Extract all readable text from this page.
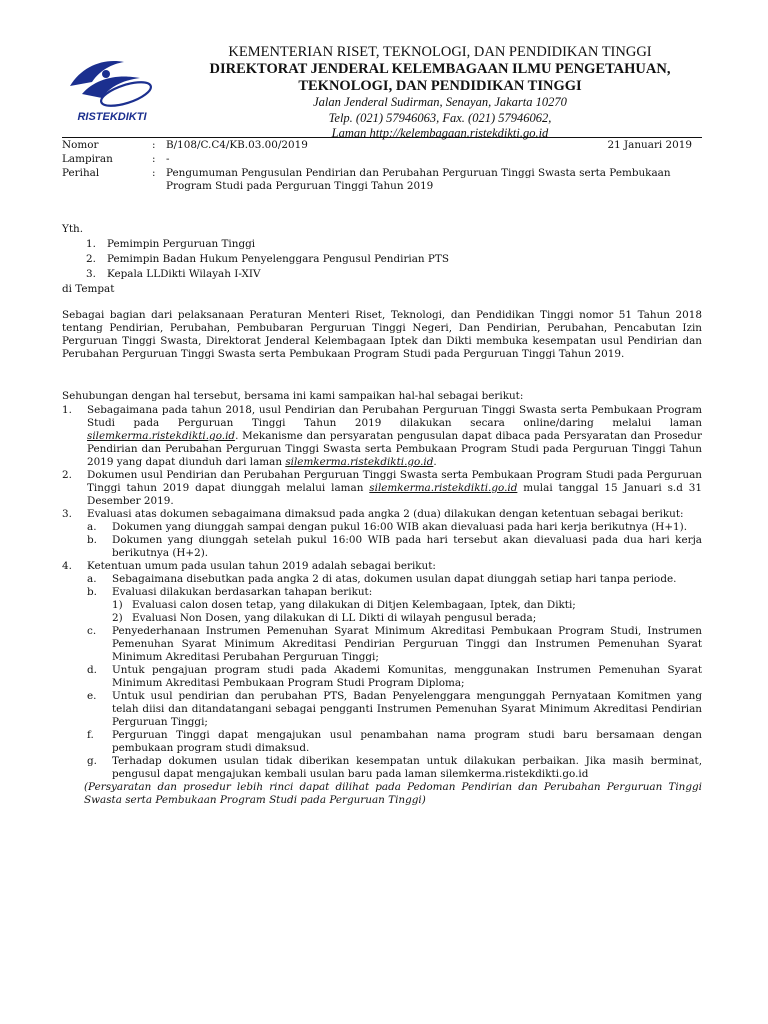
RISTEKDIKTI
KEMENTERIAN RISET, TEKNOLOGI, DAN PENDIDIKAN TINGGI
DIREKTORAT JENDERAL KELEMBAGAAN ILMU PENGETAHUAN,
TEKNOLOGI, DAN PENDIDIKAN TINGGI
Jalan Jenderal Sudirman, Senayan, Jakarta 10270
Telp. (021) 57946063, Fax. (021) 57946062,
Laman http://kelembagaan.ristekdikti.go.id
Nomor	: B/108/C.C4/KB.03.00/2019	21 Januari 2019
Lampiran	: -
Perihal	: Pengumuman Pengusulan Pendirian dan Perubahan Perguruan Tinggi Swasta serta Pembukaan Program Studi pada Perguruan Tinggi Tahun 2019
Yth.
1. Pemimpin Perguruan Tinggi
2. Pemimpin Badan Hukum Penyelenggara Pengusul Pendirian PTS
3. Kepala LLDikti Wilayah I-XIV
di Tempat
Sebagai bagian dari pelaksanaan Peraturan Menteri Riset, Teknologi, dan Pendidikan Tinggi nomor 51 Tahun 2018 tentang Pendirian, Perubahan, Pembubaran Perguruan Tinggi Negeri, Dan Pendirian, Perubahan, Pencabutan Izin Perguruan Tinggi Swasta, Direktorat Jenderal Kelembagaan Iptek dan Dikti membuka kesempatan usul Pendirian dan Perubahan Perguruan Tinggi Swasta serta Pembukaan Program Studi pada Perguruan Tinggi Tahun 2019.
Sehubungan dengan hal tersebut, bersama ini kami sampaikan hal-hal sebagai berikut:
1. Sebagaimana pada tahun 2018, usul Pendirian dan Perubahan Perguruan Tinggi Swasta serta Pembukaan Program Studi pada Perguruan Tinggi Tahun 2019 dilakukan secara online/daring melalui laman silemkerma.ristekdikti.go.id. Mekanisme dan persyaratan pengusulan dapat dibaca pada Persyaratan dan Prosedur Pendirian dan Perubahan Perguruan Tinggi Swasta serta Pembukaan Program Studi pada Perguruan Tinggi Tahun 2019 yang dapat diunduh dari laman silemkerma.ristekdikti.go.id.
2. Dokumen usul Pendirian dan Perubahan Perguruan Tinggi Swasta serta Pembukaan Program Studi pada Perguruan Tinggi tahun 2019 dapat diunggah melalui laman silemkerma.ristekdikti.go.id mulai tanggal 15 Januari s.d 31 Desember 2019.
3. Evaluasi atas dokumen sebagaimana dimaksud pada angka 2 (dua) dilakukan dengan ketentuan sebagai berikut:
a. Dokumen yang diunggah sampai dengan pukul 16:00 WIB akan dievaluasi pada hari kerja berikutnya (H+1).
b. Dokumen yang diunggah setelah pukul 16:00 WIB pada hari tersebut akan dievaluasi pada dua hari kerja berikutnya (H+2).
4. Ketentuan umum pada usulan tahun 2019 adalah sebagai berikut:
a. Sebagaimana disebutkan pada angka 2 di atas, dokumen usulan dapat diunggah setiap hari tanpa periode.
b. Evaluasi dilakukan berdasarkan tahapan berikut:
1) Evaluasi calon dosen tetap, yang dilakukan di Ditjen Kelembagaan, Iptek, dan Dikti;
2) Evaluasi Non Dosen, yang dilakukan di LL Dikti di wilayah pengusul berada;
c. Penyederhanaan Instrumen Pemenuhan Syarat Minimum Akreditasi Pembukaan Program Studi, Instrumen Pemenuhan Syarat Minimum Akreditasi Pendirian Perguruan Tinggi dan Instrumen Pemenuhan Syarat Minimum Akreditasi Perubahan Perguruan Tinggi;
d. Untuk pengajuan program studi pada Akademi Komunitas, menggunakan Instrumen Pemenuhan Syarat Minimum Akreditasi Pembukaan Program Studi Program Diploma;
e. Untuk usul pendirian dan perubahan PTS, Badan Penyelenggara mengunggah Pernyataan Komitmen yang telah diisi dan ditandatangani sebagai pengganti Instrumen Pemenuhan Syarat Minimum Akreditasi Pendirian Perguruan Tinggi;
f. Perguruan Tinggi dapat mengajukan usul penambahan nama program studi baru bersamaan dengan pembukaan program studi dimaksud.
g. Terhadap dokumen usulan tidak diberikan kesempatan untuk dilakukan perbaikan. Jika masih berminat, pengusul dapat mengajukan kembali usulan baru pada laman silemkerma.ristekdikti.go.id
(Persyaratan dan prosedur lebih rinci dapat dilihat pada Pedoman Pendirian dan Perubahan Perguruan Tinggi Swasta serta Pembukaan Program Studi pada Perguruan Tinggi)
